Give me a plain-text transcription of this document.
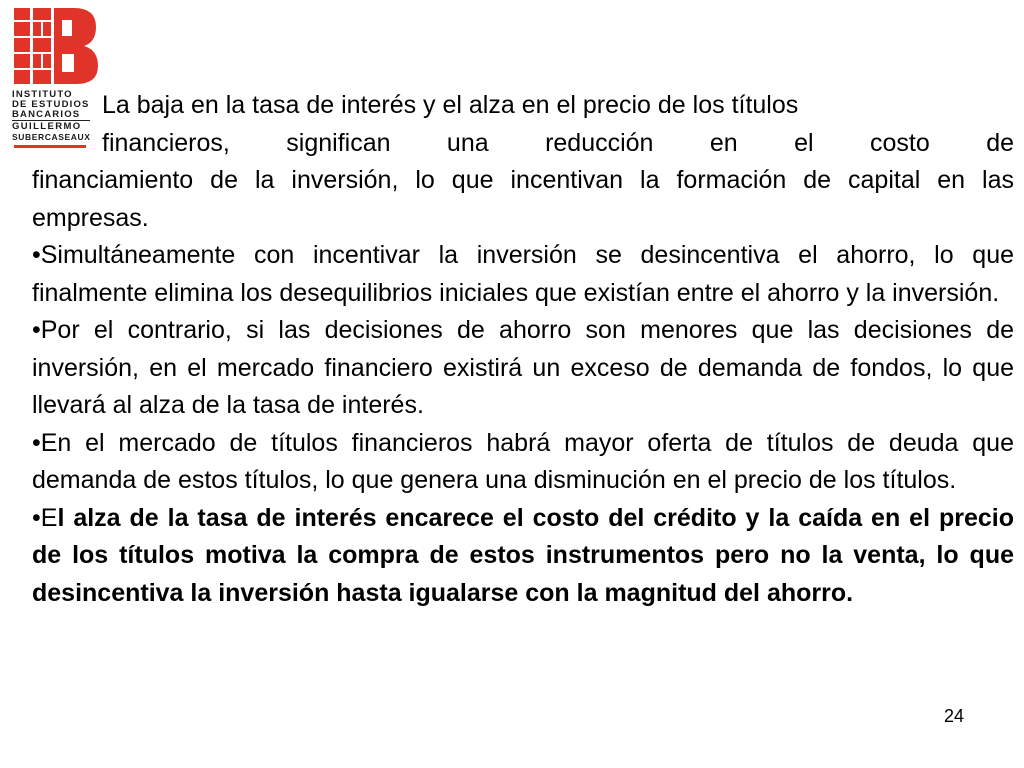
INSTITUTO
DE ESTUDIOS
BANCARIOS
GUILLERMO
SUBERCASEAUX

La baja en la tasa de interés y el alza en el precio de los títulos
financieros, significan una reducción en el costo de
financiamiento de la inversión, lo que incentivan la formación de capital en las empresas.

•Simultáneamente con incentivar la inversión se desincentiva el ahorro, lo que finalmente elimina los desequilibrios iniciales que existían entre el ahorro y la inversión.

•Por el contrario, si las decisiones de ahorro son menores que las decisiones de inversión, en el mercado financiero existirá un exceso de demanda de fondos, lo que llevará al alza de la tasa de interés.

•En el mercado de títulos financieros habrá mayor oferta de títulos de deuda que demanda de estos títulos, lo que genera una disminución en el precio de los títulos.

•El alza de la tasa de interés encarece el costo del crédito y la caída en el precio de los títulos motiva la compra de estos instrumentos pero no la venta, lo que desincentiva la inversión hasta igualarse con la magnitud del ahorro.

24
